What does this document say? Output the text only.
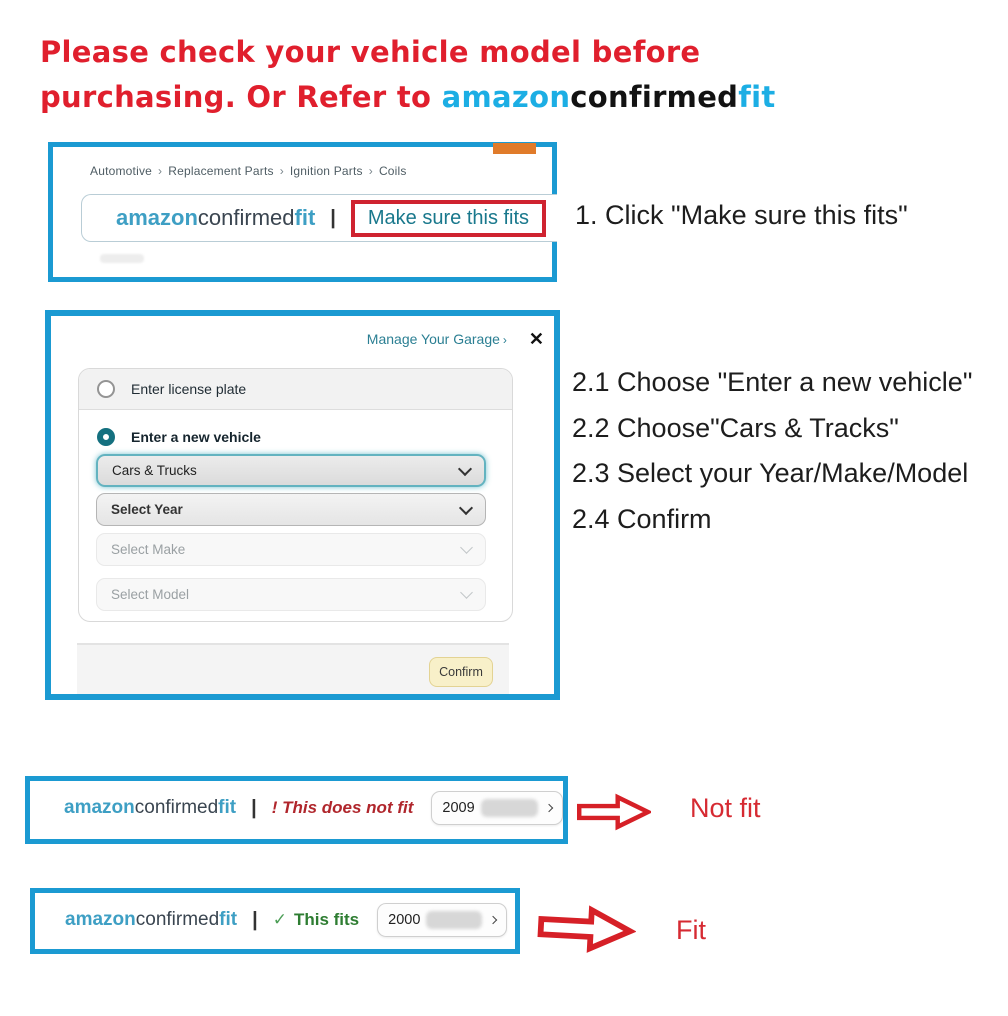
Please check your vehicle model before
purchasing. Or Refer to amazonconfirmedfit
Automotive › Replacement Parts › Ignition Parts › Coils
amazonconfirmedfit |	Make sure this fits	1. Click "Make sure this fits"
Manage Your Garage › ✕
Enter license plate
Enter a new vehicle
Cars & Trucks
Select Year
Select Make
Select Model
Confirm
2.1 Choose "Enter a new vehicle"
2.2 Choose"Cars & Tracks"
2.3 Select your Year/Make/Model
2.4 Confirm
amazonconfirmedfit | ! This does not fit 2009	Not fit
amazonconfirmedfit | ✓ This fits 2000	Fit
